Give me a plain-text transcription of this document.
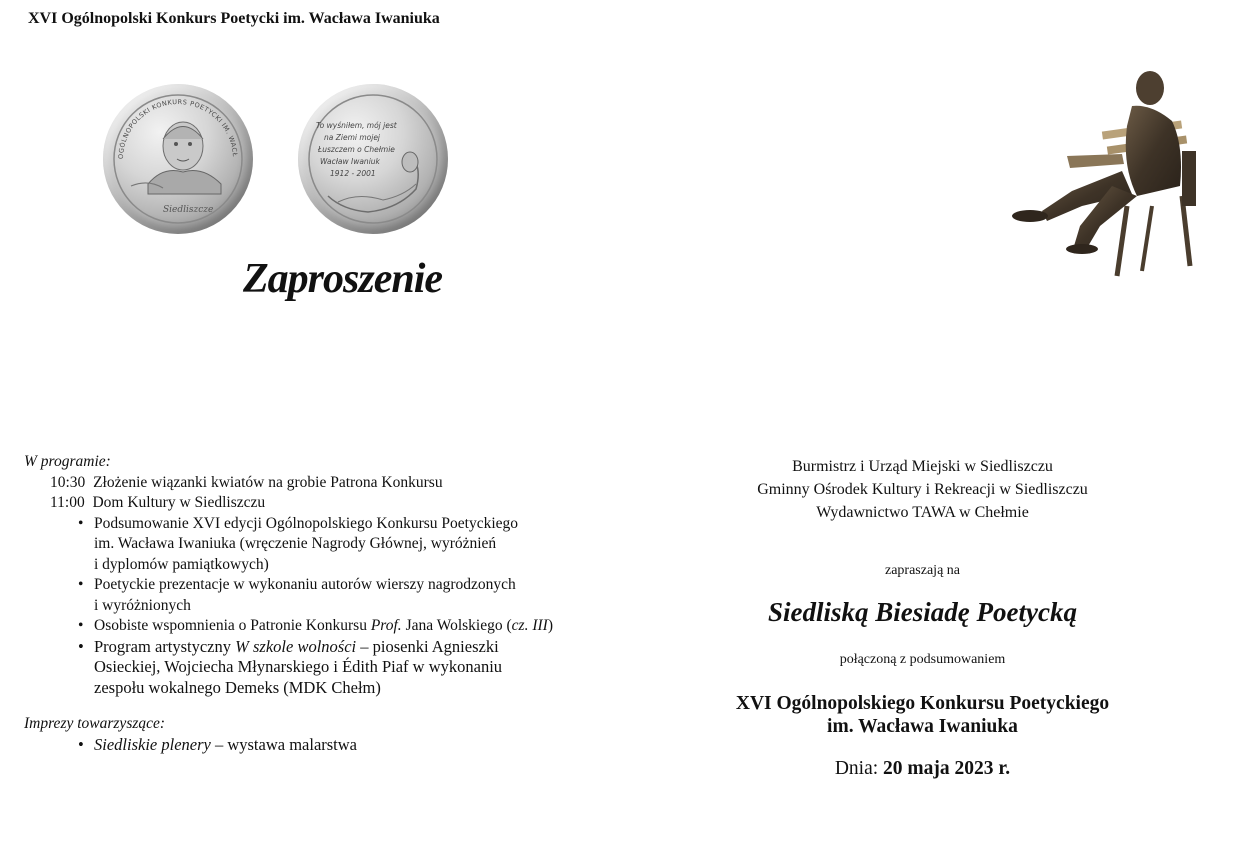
XVI Ogólnopolski Konkurs Poetycki im. Wacława Iwaniuka
OGÓLNOPOLSKI KONKURS POETYCKI IM. WACŁ
Siedliszcze
To wyśniłem, mój jest
na Ziemi mojej
Łuszczem o Chełmie
Wacław Iwaniuk
1912 - 2001
Zaproszenie
W programie:
10:30 Złożenie wiązanki kwiatów na grobie Patrona Konkursu
11:00 Dom Kultury w Siedliszczu
• Podsumowanie XVI edycji Ogólnopolskiego Konkursu Poetyckiego
im. Wacława Iwaniuka (wręczenie Nagrody Głównej, wyróżnień
i dyplomów pamiątkowych)
• Poetyckie prezentacje w wykonaniu autorów wierszy nagrodzonych
i wyróżnionych
• Osobiste wspomnienia o Patronie Konkursu Prof. Jana Wolskiego (cz. III)
• Program artystyczny W szkole wolności – piosenki Agnieszki
Osieckiej, Wojciecha Młynarskiego i Édith Piaf w wykonaniu
zespołu wokalnego Demeks (MDK Chełm)
Imprezy towarzyszące:
• Siedliskie plenery – wystawa malarstwa
Burmistrz i Urząd Miejski w Siedliszczu
Gminny Ośrodek Kultury i Rekreacji w Siedliszczu
Wydawnictwo TAWA w Chełmie
zapraszają na
Siedliską Biesiadę Poetycką
połączoną z podsumowaniem
XVI Ogólnopolskiego Konkursu Poetyckiego
im. Wacława Iwaniuka
Dnia: 20 maja 2023 r.
